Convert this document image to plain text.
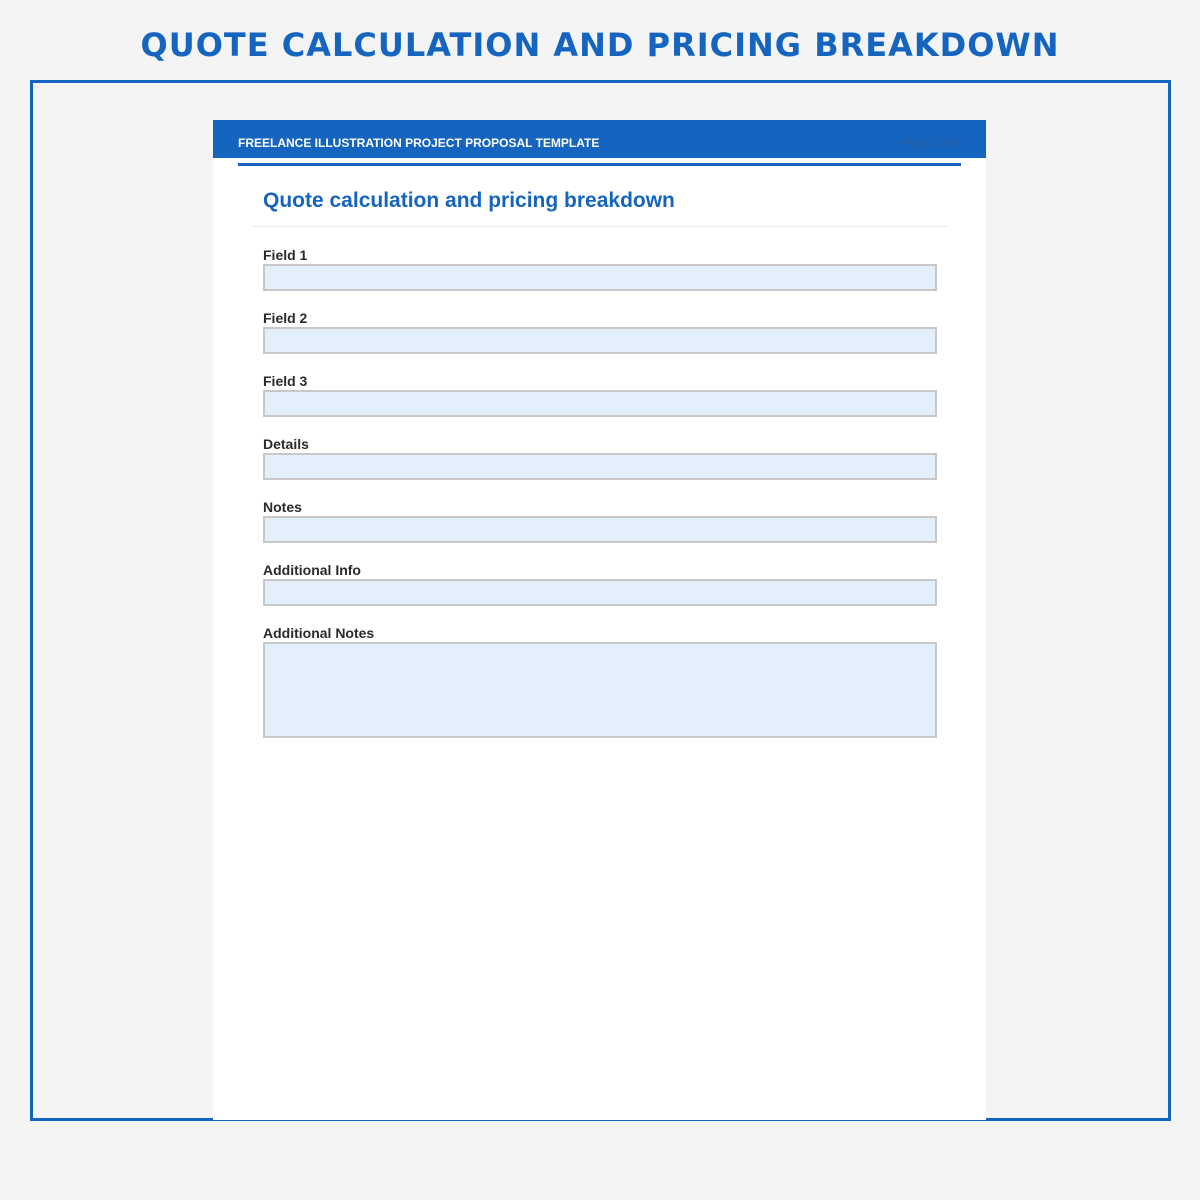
QUOTE CALCULATION AND PRICING BREAKDOWN
FREELANCE ILLUSTRATION PROJECT PROPOSAL TEMPLATE	Page 2 of 4
Quote calculation and pricing breakdown
Field 1
Field 2
Field 3
Details
Notes
Additional Info
Additional Notes
